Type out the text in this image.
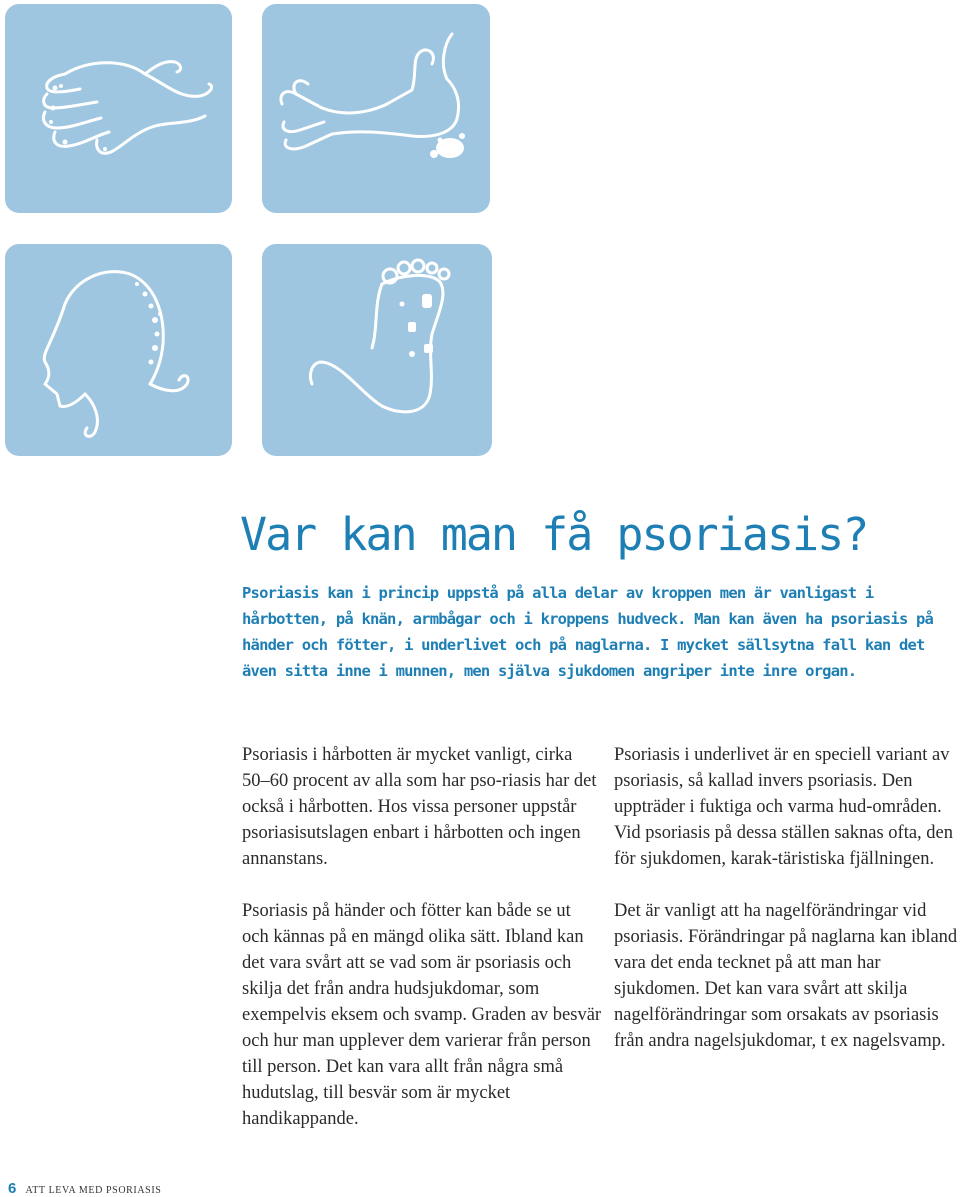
Var kan man få psoriasis?

Psoriasis kan i princip uppstå på alla delar av kroppen men är vanligast i hårbotten, på knän, armbågar och i kroppens hudveck. Man kan även ha psoriasis på händer och fötter, i underlivet och på naglarna. I mycket sällsytna fall kan det även sitta inne i munnen, men själva sjukdomen angriper inte inre organ.

Psoriasis i hårbotten är mycket vanligt, cirka 50–60 procent av alla som har pso-riasis har det också i hårbotten. Hos vissa personer uppstår psoriasisutslagen enbart i hårbotten och ingen annanstans.

Psoriasis på händer och fötter kan både se ut och kännas på en mängd olika sätt. Ibland kan det vara svårt att se vad som är psoriasis och skilja det från andra hudsjukdomar, som exempelvis eksem och svamp. Graden av besvär och hur man upplever dem varierar från person till person. Det kan vara allt från några små hudutslag, till besvär som är mycket handikappande.

Psoriasis i underlivet är en speciell variant av psoriasis, så kallad invers psoriasis. Den uppträder i fuktiga och varma hud-områden. Vid psoriasis på dessa ställen saknas ofta, den för sjukdomen, karak-täristiska fjällningen.

Det är vanligt att ha nagelförändringar vid psoriasis. Förändringar på naglarna kan ibland vara det enda tecknet på att man har sjukdomen. Det kan vara svårt att skilja nagelförändringar som orsakats av psoriasis från andra nagelsjukdomar, t ex nagelsvamp.

6 ATT LEVA MED PSORIASIS
